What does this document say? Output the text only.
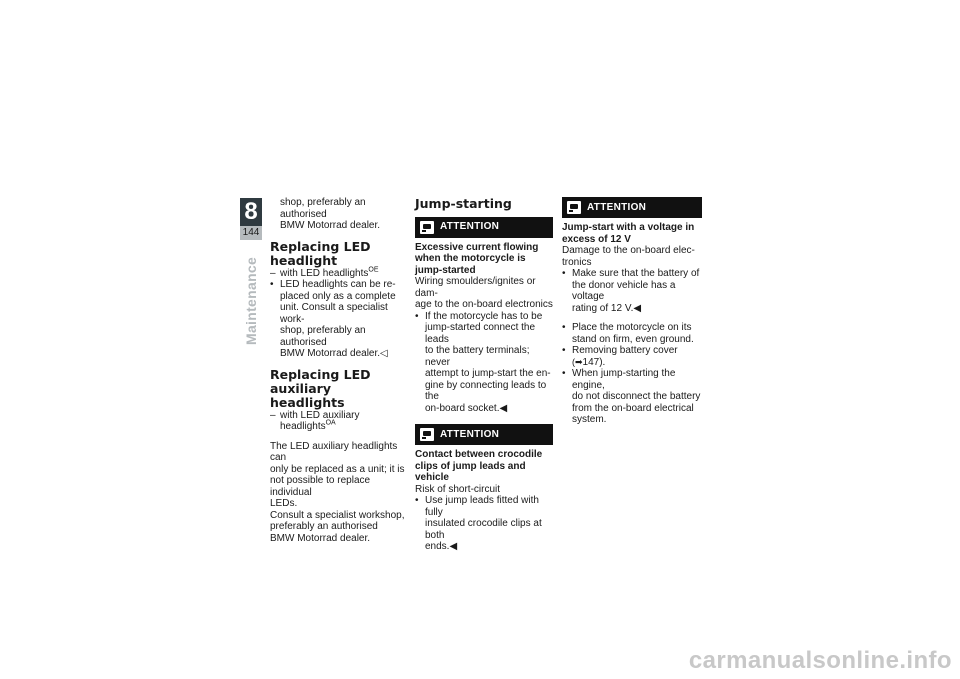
8
144
Maintenance

shop, preferably an authorised

BMW Motorrad dealer.

Replacing LED headlight
– with LED headlights$^{OE}$
• LED headlights can be re-
placed only as a complete
unit. Consult a specialist work-
shop, preferably an authorised
BMW Motorrad dealer.◁
Replacing LED auxiliary
headlights
– with LED auxiliary headlights$^{OA}$
The LED auxiliary headlights can
only be replaced as a unit; it is
not possible to replace individual
LEDs.
Consult a specialist workshop,
preferably an authorised
BMW Motorrad dealer.
Jump-starting
ATTENTION
Excessive current flowing
when the motorcycle is
jump-started
Wiring smoulders/ignites or dam-
age to the on-board electronics
• If the motorcycle has to be
jump-started connect the leads
to the battery terminals; never
attempt to jump-start the en-
gine by connecting leads to the
on-board socket.◀
ATTENTION
Contact between crocodile
clips of jump leads and
vehicle
Risk of short-circuit
• Use jump leads fitted with fully
insulated crocodile clips at both
ends.◀
ATTENTION
Jump-start with a voltage in
excess of 12 V
Damage to the on-board elec-
tronics
• Make sure that the battery of
the donor vehicle has a voltage
rating of 12 V.◀
• Place the motorcycle on its
stand on firm, even ground.
• Removing battery cover
(➡147).
• When jump-starting the engine,
do not disconnect the battery
from the on-board electrical
system.
carmanualsonline.info
